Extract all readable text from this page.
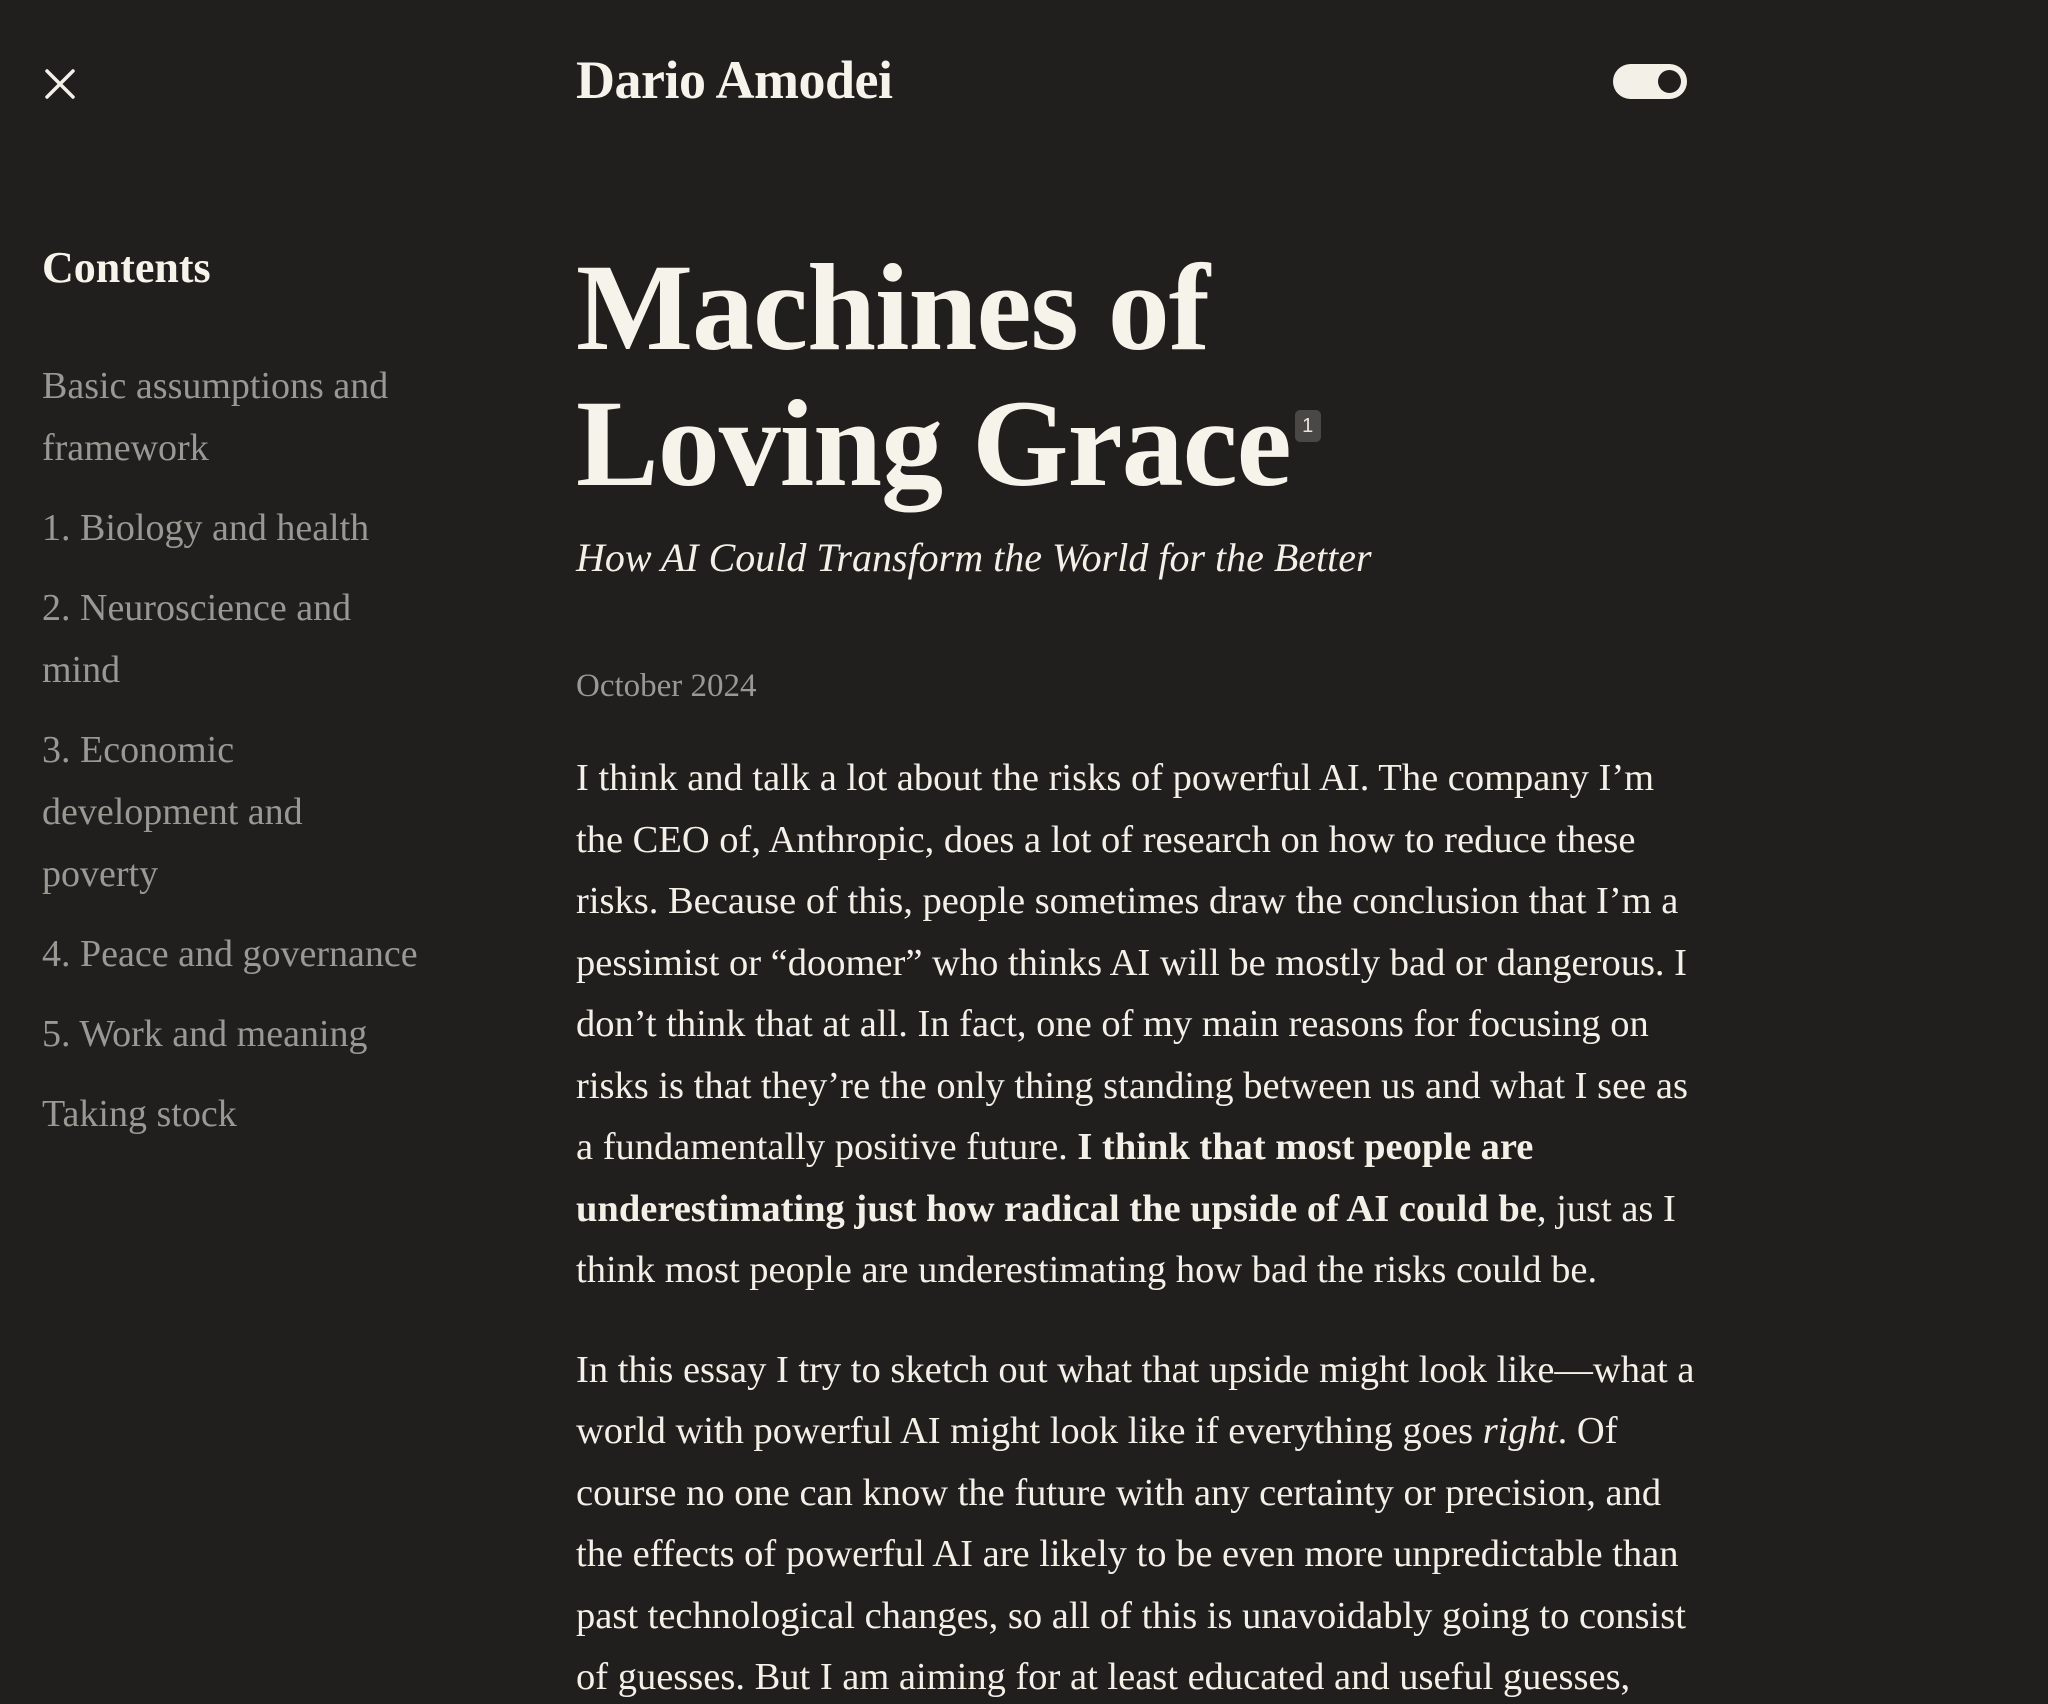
Dario Amodei
Contents
Basic assumptions and framework
1. Biology and health
2. Neuroscience and mind
3. Economic development and poverty
4. Peace and governance
5. Work and meaning
Taking stock
Machines of
Loving Grace 1

How AI Could Transform the World for the Better

October 2024

I think and talk a lot about the risks of powerful AI. The company I’m the CEO of, Anthropic, does a lot of research on how to reduce these risks. Because of this, people sometimes draw the conclusion that I’m a pessimist or “doomer” who thinks AI will be mostly bad or dangerous. I don’t think that at all. In fact, one of my main reasons for focusing on risks is that they’re the only thing standing between us and what I see as a fundamentally positive future. I think that most people are underestimating just how radical the upside of AI could be, just as I think most people are underestimating how bad the risks could be.

In this essay I try to sketch out what that upside might look like—what a world with powerful AI might look like if everything goes right. Of course no one can know the future with any certainty or precision, and the effects of powerful AI are likely to be even more unpredictable than past technological changes, so all of this is unavoidably going to consist of guesses. But I am aiming for at least educated and useful guesses,
